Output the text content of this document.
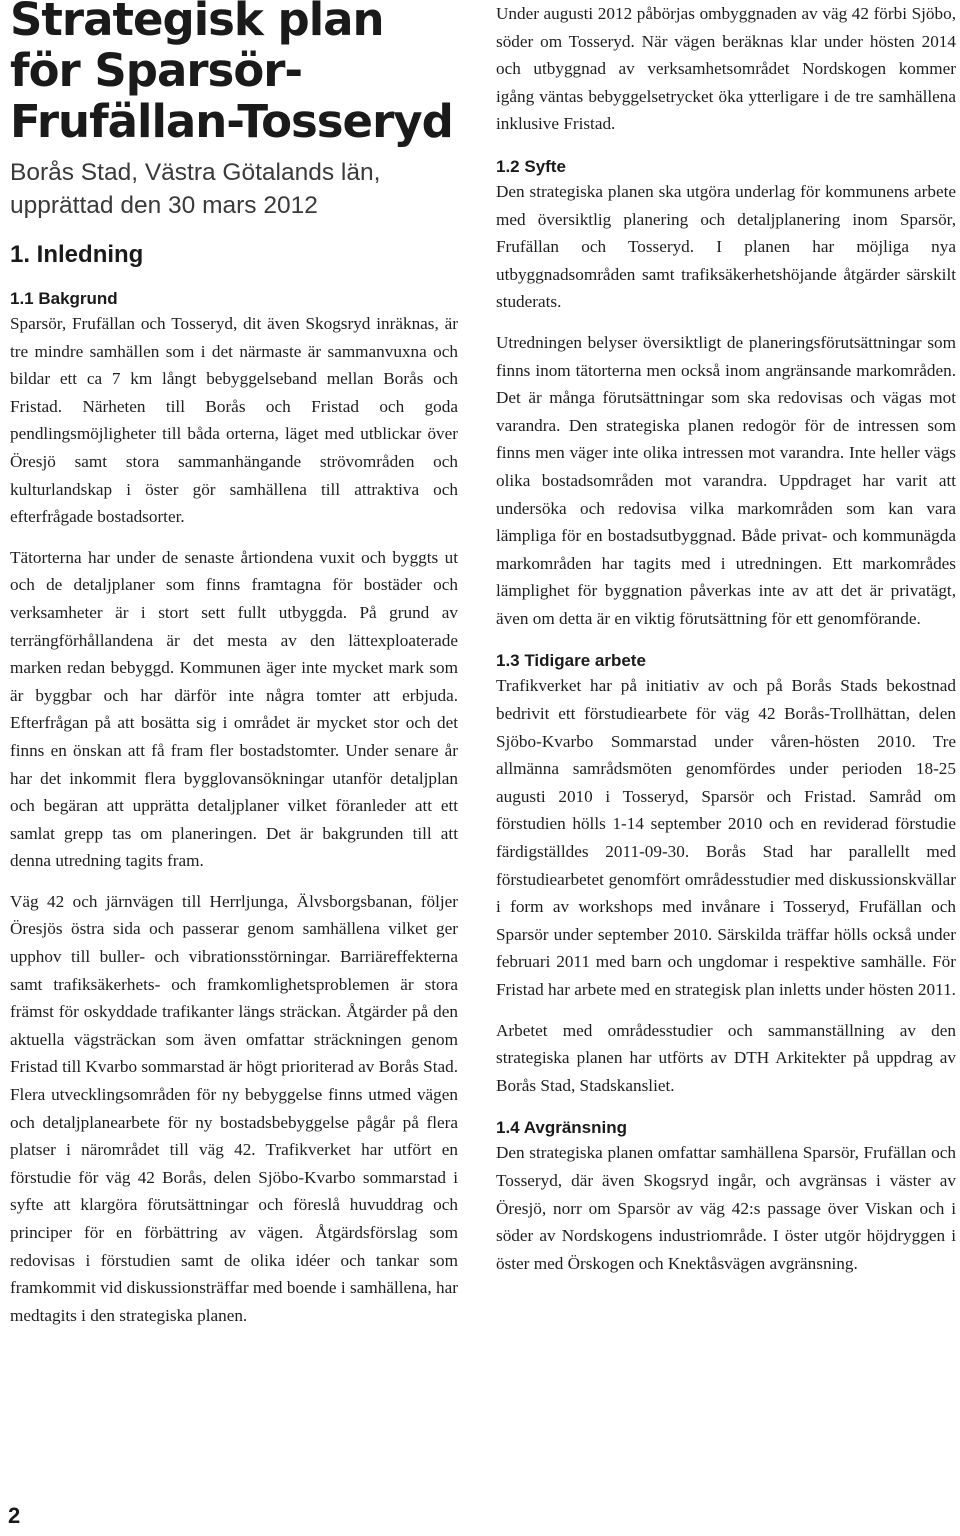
Strategisk plan för Sparsör-Frufällan-Tosseryd
Borås Stad, Västra Götalands län, upprättad den 30 mars 2012
1. Inledning
1.1 Bakgrund

Sparsör, Frufällan och Tosseryd, dit även Skogsryd inräknas, är tre mindre samhällen som i det närmaste är sammanvuxna och bildar ett ca 7 km långt bebyggelseband mellan Borås och Fristad. Närheten till Borås och Fristad och goda pendlingsmöjligheter till båda orterna, läget med utblickar över Öresjö samt stora sammanhängande strövområden och kulturlandskap i öster gör samhällena till attraktiva och efterfrågade bostadsorter.

Tätorterna har under de senaste årtiondena vuxit och byggts ut och de detaljplaner som finns framtagna för bostäder och verksamheter är i stort sett fullt utbyggda. På grund av terrängförhållandena är det mesta av den lättexploaterade marken redan bebyggd. Kommunen äger inte mycket mark som är byggbar och har därför inte några tomter att erbjuda. Efterfrågan på att bosätta sig i området är mycket stor och det finns en önskan att få fram fler bostadstomter. Under senare år har det inkommit flera bygglovansökningar utanför detaljplan och begäran att upprätta detaljplaner vilket föranleder att ett samlat grepp tas om planeringen. Det är bakgrunden till att denna utredning tagits fram.

Väg 42 och järnvägen till Herrljunga, Älvsborgsbanan, följer Öresjös östra sida och passerar genom samhällena vilket ger upphov till buller- och vibrationsstörningar. Barriäreffekterna samt trafiksäkerhets- och framkomlighetsproblemen är stora främst för oskyddade trafikanter längs sträckan. Åtgärder på den aktuella vägsträckan som även omfattar sträckningen genom Fristad till Kvarbo sommarstad är högt prioriterad av Borås Stad. Flera utvecklingsområden för ny bebyggelse finns utmed vägen och detaljplanearbete för ny bostadsbebyggelse pågår på flera platser i närområdet till väg 42. Trafikverket har utfört en förstudie för väg 42 Borås, delen Sjöbo-Kvarbo sommarstad i syfte att klargöra förutsättningar och föreslå huvuddrag och principer för en förbättring av vägen. Åtgärdsförslag som redovisas i förstudien samt de olika idéer och tankar som framkommit vid diskussionsträffar med boende i samhällena, har medtagits i den strategiska planen.

Under augusti 2012 påbörjas ombyggnaden av väg 42 förbi Sjöbo, söder om Tosseryd. När vägen beräknas klar under hösten 2014 och utbyggnad av verksamhetsområdet Nordskogen kommer igång väntas bebyggelsetrycket öka ytterligare i de tre samhällena inklusive Fristad.

1.2 Syfte

Den strategiska planen ska utgöra underlag för kommunens arbete med översiktlig planering och detaljplanering inom Sparsör, Frufällan och Tosseryd. I planen har möjliga nya utbyggnadsområden samt trafiksäkerhetshöjande åtgärder särskilt studerats.

Utredningen belyser översiktligt de planeringsförutsättningar som finns inom tätorterna men också inom angränsande markområden. Det är många förutsättningar som ska redovisas och vägas mot varandra. Den strategiska planen redogör för de intressen som finns men väger inte olika intressen mot varandra. Inte heller vägs olika bostadsområden mot varandra. Uppdraget har varit att undersöka och redovisa vilka markområden som kan vara lämpliga för en bostadsutbyggnad. Både privat- och kommunägda markområden har tagits med i utredningen. Ett markområdes lämplighet för byggnation påverkas inte av att det är privatägt, även om detta är en viktig förutsättning för ett genomförande.

1.3 Tidigare arbete

Trafikverket har på initiativ av och på Borås Stads bekostnad bedrivit ett förstudiearbete för väg 42 Borås-Trollhättan, delen Sjöbo-Kvarbo Sommarstad under våren-hösten 2010. Tre allmänna samrådsmöten genomfördes under perioden 18-25 augusti 2010 i Tosseryd, Sparsör och Fristad. Samråd om förstudien hölls 1-14 september 2010 och en reviderad förstudie färdigställdes 2011-09-30. Borås Stad har parallellt med förstudiearbetet genomfört områdesstudier med diskussionskvällar i form av workshops med invånare i Tosseryd, Frufällan och Sparsör under september 2010. Särskilda träffar hölls också under februari 2011 med barn och ungdomar i respektive samhälle. För Fristad har arbete med en strategisk plan inletts under hösten 2011.

Arbetet med områdesstudier och sammanställning av den strategiska planen har utförts av DTH Arkitekter på uppdrag av Borås Stad, Stadskansliet.

1.4 Avgränsning

Den strategiska planen omfattar samhällena Sparsör, Frufällan och Tosseryd, där även Skogsryd ingår, och avgränsas i väster av Öresjö, norr om Sparsör av väg 42:s passage över Viskan och i söder av Nordskogens industriområde. I öster utgör höjdryggen i öster med Örskogen och Knektåsvägen avgränsning.

2
